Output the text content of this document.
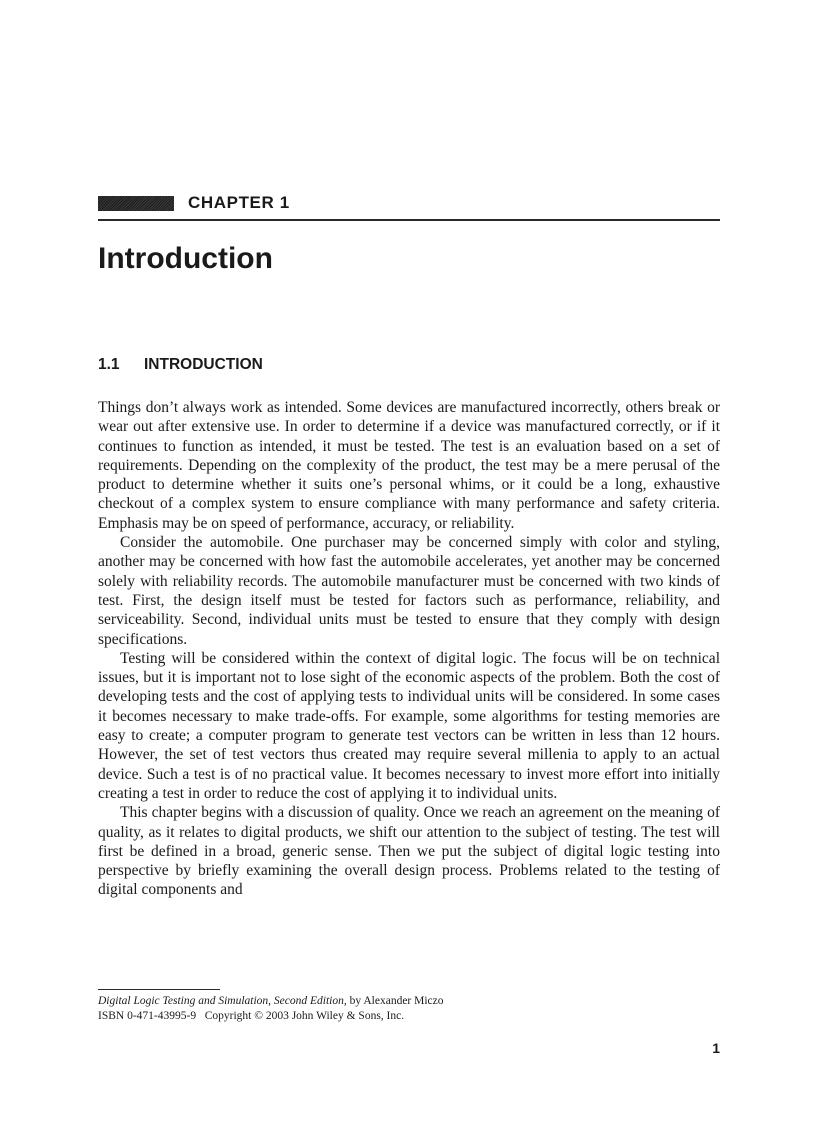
CHAPTER 1
Introduction
1.1 INTRODUCTION

Things don’t always work as intended. Some devices are manufactured incorrectly, others break or wear out after extensive use. In order to determine if a device was manufactured correctly, or if it continues to function as intended, it must be tested. The test is an evaluation based on a set of requirements. Depending on the complexity of the product, the test may be a mere perusal of the product to determine whether it suits one’s personal whims, or it could be a long, exhaustive checkout of a complex system to ensure compliance with many performance and safety criteria. Emphasis may be on speed of performance, accuracy, or reliability.

Consider the automobile. One purchaser may be concerned simply with color and styling, another may be concerned with how fast the automobile accelerates, yet another may be concerned solely with reliability records. The automobile manufacturer must be concerned with two kinds of test. First, the design itself must be tested for factors such as performance, reliability, and serviceability. Second, individual units must be tested to ensure that they comply with design specifications.

Testing will be considered within the context of digital logic. The focus will be on technical issues, but it is important not to lose sight of the economic aspects of the problem. Both the cost of developing tests and the cost of applying tests to individual units will be considered. In some cases it becomes necessary to make trade-offs. For example, some algorithms for testing memories are easy to create; a computer program to generate test vectors can be written in less than 12 hours. However, the set of test vectors thus created may require several millenia to apply to an actual device. Such a test is of no practical value. It becomes necessary to invest more effort into initially creating a test in order to reduce the cost of applying it to individual units.

This chapter begins with a discussion of quality. Once we reach an agreement on the meaning of quality, as it relates to digital products, we shift our attention to the subject of testing. The test will first be defined in a broad, generic sense. Then we put the subject of digital logic testing into perspective by briefly examining the overall design process. Problems related to the testing of digital components and

Digital Logic Testing and Simulation, Second Edition, by Alexander Miczo
ISBN 0-471-43995-9 Copyright © 2003 John Wiley & Sons, Inc.
1
